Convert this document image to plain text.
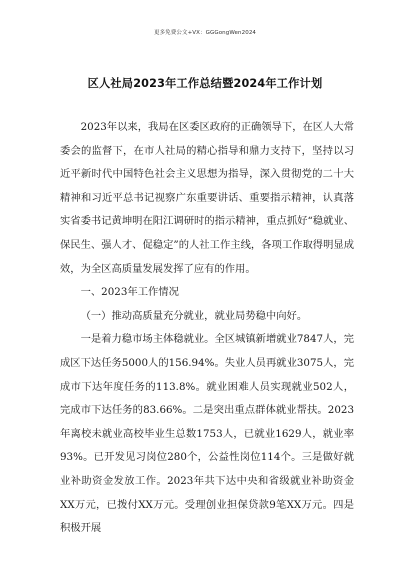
更多免费公文+VX：GGGongWen2024
区人社局2023年工作总结暨2024年工作计划

2023年以来，我局在区委区政府的正确领导下，在区人大常委会的监督下，在市人社局的精心指导和鼎力支持下，坚持以习近平新时代中国特色社会主义思想为指导，深入贯彻党的二十大精神和习近平总书记视察广东重要讲话、重要指示精神，认真落实省委书记黄坤明在阳江调研时的指示精神，重点抓好“稳就业、保民生、强人才、促稳定”的人社工作主线，各项工作取得明显成效，为全区高质量发展发挥了应有的作用。

一、2023年工作情况

（一）推动高质量充分就业，就业局势稳中向好。

一是着力稳市场主体稳就业。全区城镇新增就业7847人，完成区下达任务5000人的156.94%。失业人员再就业3075人，完成市下达年度任务的113.8%。就业困难人员实现就业502人，完成市下达任务的83.66%。二是突出重点群体就业帮扶。2023年离校未就业高校毕业生总数1753人，已就业1629人，就业率93%。已开发见习岗位280个，公益性岗位114个。三是做好就业补助资金发放工作。2023年共下达中央和省级就业补助资金XX万元，已拨付XX万元。受理创业担保贷款9笔XX万元。四是积极开展
